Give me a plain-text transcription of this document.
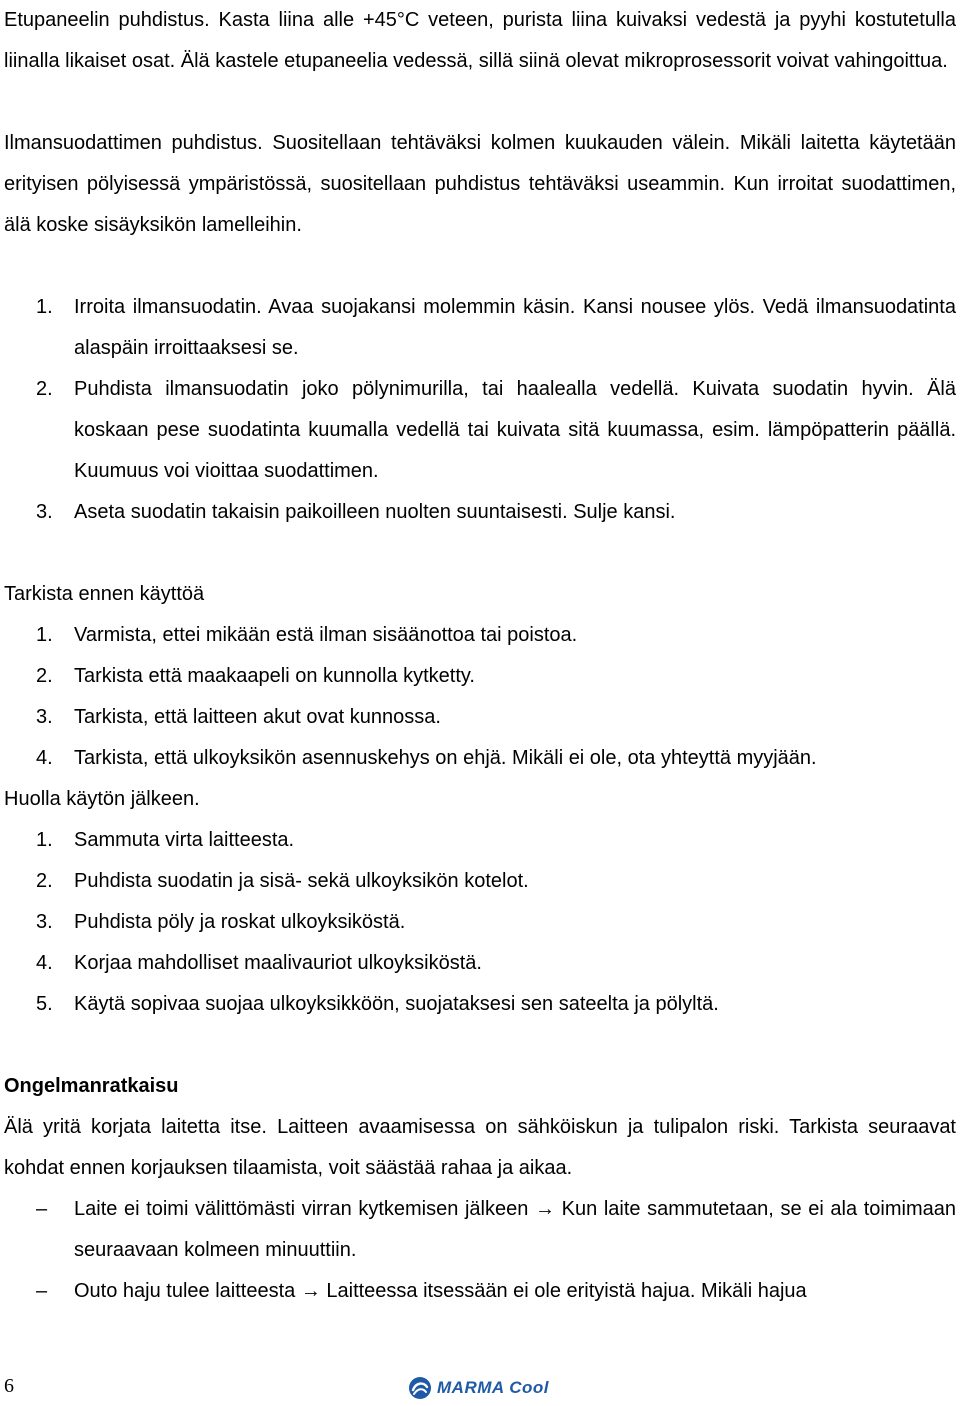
Etupaneelin puhdistus. Kasta liina alle +45°C veteen, purista liina kuivaksi vedestä ja pyyhi kostutetulla liinalla likaiset osat. Älä kastele etupaneelia vedessä, sillä siinä olevat mikroprosessorit voivat vahingoittua.

Ilmansuodattimen puhdistus. Suositellaan tehtäväksi kolmen kuukauden välein. Mikäli laitetta käytetään erityisen pölyisessä ympäristössä, suositellaan puhdistus tehtäväksi useammin. Kun irroitat suodattimen, älä koske sisäyksikön lamelleihin.

1.	Irroita ilmansuodatin. Avaa suojakansi molemmin käsin. Kansi nousee ylös. Vedä ilmansuodatinta alaspäin irroittaaksesi se.
2.	Puhdista ilmansuodatin joko pölynimurilla, tai haalealla vedellä. Kuivata suodatin hyvin. Älä koskaan pese suodatinta kuumalla vedellä tai kuivata sitä kuumassa, esim. lämpöpatterin päällä. Kuumuus voi vioittaa suodattimen.
3.	Aseta suodatin takaisin paikoilleen nuolten suuntaisesti. Sulje kansi.

Tarkista ennen käyttöä

1.	Varmista, ettei mikään estä ilman sisäänottoa tai poistoa.
2.	Tarkista että maakaapeli on kunnolla kytketty.
3.	Tarkista, että laitteen akut ovat kunnossa.
4.	Tarkista, että ulkoyksikön asennuskehys on ehjä. Mikäli ei ole, ota yhteyttä myyjään.

Huolla käytön jälkeen.

1.	Sammuta virta laitteesta.
2.	Puhdista suodatin ja sisä- sekä ulkoyksikön kotelot.
3.	Puhdista pöly ja roskat ulkoyksiköstä.
4.	Korjaa mahdolliset maalivauriot ulkoyksiköstä.
5.	Käytä sopivaa suojaa ulkoyksikköön, suojataksesi sen sateelta ja pölyltä.

Ongelmanratkaisu

Älä yritä korjata laitetta itse. Laitteen avaamisessa on sähköiskun ja tulipalon riski. Tarkista seuraavat kohdat ennen korjauksen tilaamista, voit säästää rahaa ja aikaa.

–	Laite ei toimi välittömästi virran kytkemisen jälkeen → Kun laite sammutetaan, se ei ala toimimaan seuraavaan kolmeen minuuttiin.
–	Outo haju tulee laitteesta → Laitteessa itsessään ei ole erityistä hajua. Mikäli hajua
6	MARMA Cool
